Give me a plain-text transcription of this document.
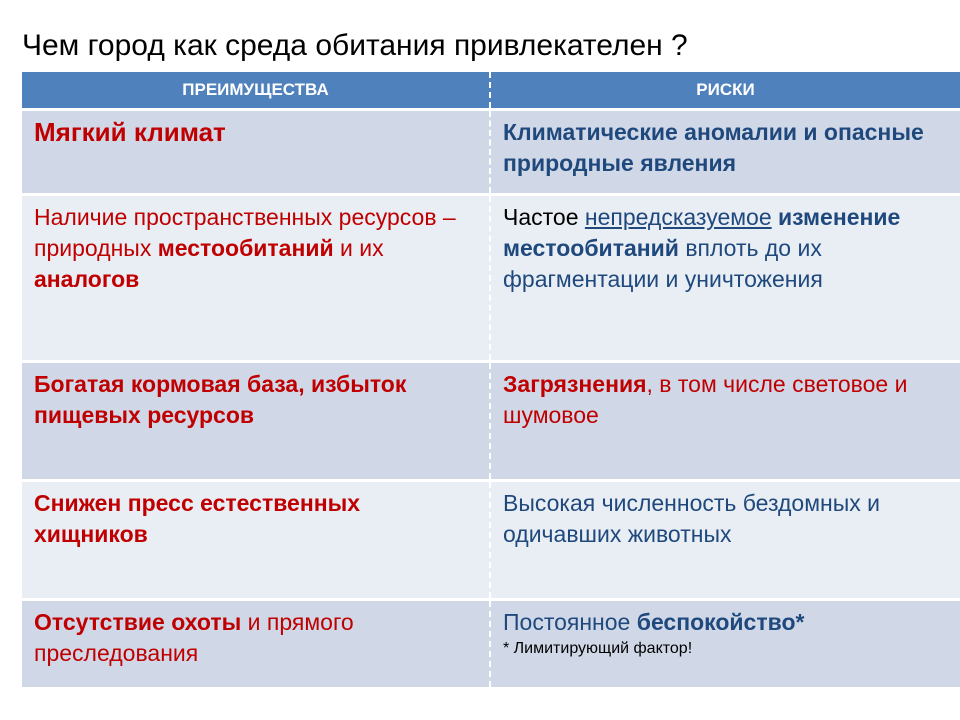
Чем город как среда обитания привлекателен ?
ПРЕИМУЩЕСТВА	РИСКИ
Мягкий климат	Климатические аномалии и опасные природные явления
Наличие пространственных ресурсов – природных местообитаний и их аналогов	Частое непредсказуемое изменение местообитаний вплоть до их фрагментации и уничтожения
Богатая кормовая база, избыток пищевых ресурсов	Загрязнения, в том числе световое и шумовое
Снижен пресс естественных хищников	Высокая численность бездомных и одичавших животных
Отсутствие охоты и прямого преследования	Постоянное беспокойство*
* Лимитирующий фактор!
